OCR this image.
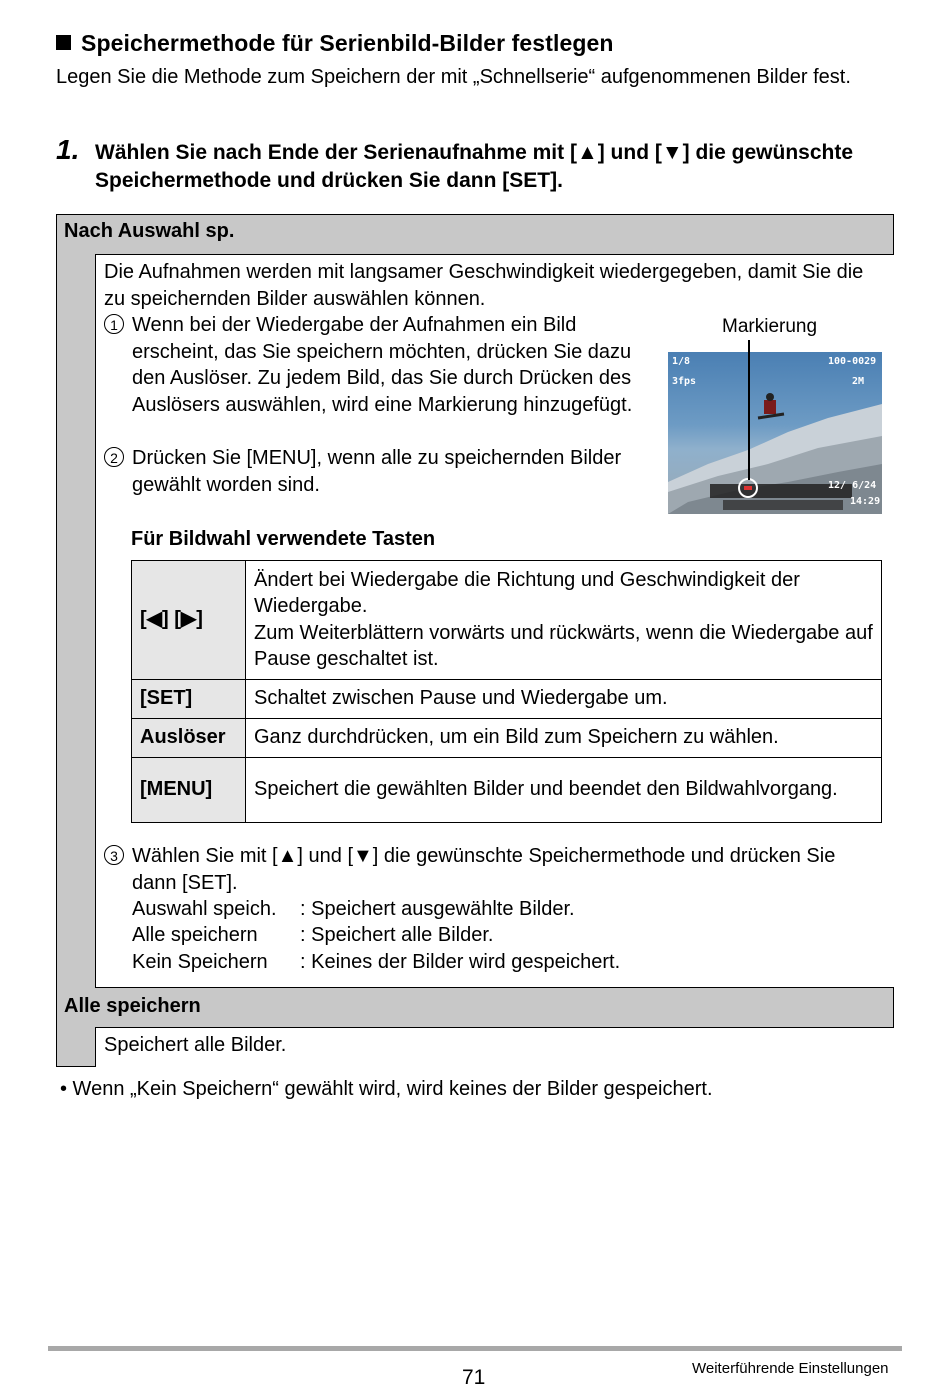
Speichermethode für Serienbild-Bilder festlegen
Legen Sie die Methode zum Speichern der mit „Schnellserie“ aufgenommenen Bilder fest.
1. Wählen Sie nach Ende der Serienaufnahme mit [▲] und [▼] die gewünschte Speichermethode und drücken Sie dann [SET].
Nach Auswahl sp.
Alle speichern
Die Aufnahmen werden mit langsamer Geschwindigkeit wiedergegeben, damit Sie die zu speichernden Bilder auswählen können.
1 Wenn bei der Wiedergabe der Aufnahmen ein Bild erscheint, das Sie speichern möchten, drücken Sie dazu den Auslöser. Zu jedem Bild, das Sie durch Drücken des Auslösers auswählen, wird eine Markierung hinzugefügt.
2 Drücken Sie [MENU], wenn alle zu speichernden Bilder gewählt worden sind.
Markierung
1/8	100-0029
3fps	2M
12/ 6/24
14:29
Für Bildwahl verwendete Tasten
[◀] [▶]	Ändert bei Wiedergabe die Richtung und Geschwindigkeit der Wiedergabe.
Zum Weiterblättern vorwärts und rückwärts, wenn die Wiedergabe auf Pause geschaltet ist.
[SET]	Schaltet zwischen Pause und Wiedergabe um.
Auslöser	Ganz durchdrücken, um ein Bild zum Speichern zu wählen.
[MENU]	Speichert die gewählten Bilder und beendet den Bildwahlvorgang.
3 Wählen Sie mit [▲] und [▼] die gewünschte Speichermethode und drücken Sie dann [SET].
Auswahl speich. : Speichert ausgewählte Bilder.
Alle speichern : Speichert alle Bilder.
Kein Speichern : Keines der Bilder wird gespeichert.
Speichert alle Bilder.
• Wenn „Kein Speichern“ gewählt wird, wird keines der Bilder gespeichert.
71	Weiterführende Einstellungen
